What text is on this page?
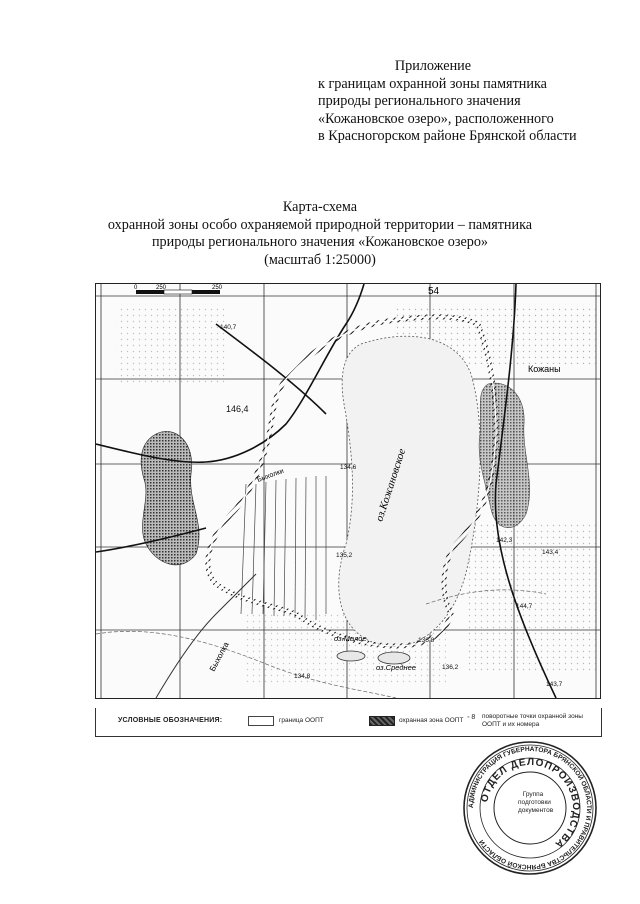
Приложение
к границам охранной зоны памятника
природы регионального значения
«Кожановское озеро», расположенного
в Красногорском районе Брянской области
Карта-схема
охранной зоны особо охраняемой природной территории – памятника
природы регионального значения «Кожановское озеро»
(масштаб 1:25000)
0	250	250	54
оз.Кожановское
Кожаны
оз.Малое
оз.Среднее
Быхолка
Быхолки
140,7
146,4
134,6
135,2
142,3
143,4
144,7
136,8
136,2
143,7
134,8
УСЛОВНЫЕ ОБОЗНАЧЕНИЯ:	граница ООПТ	охранная зона ООПТ ◦ 8 поворотные точки охранной зоны ООПТ и их номера
АДМИНИСТРАЦИЯ ГУБЕРНАТОРА БРЯНСКОЙ ОБЛАСТИ И ПРАВИТЕЛЬСТВА БРЯНСКОЙ ОБЛАСТИ
ОТДЕЛ ДЕЛОПРОИЗВОДСТВА
Группа
подготовки
документов
